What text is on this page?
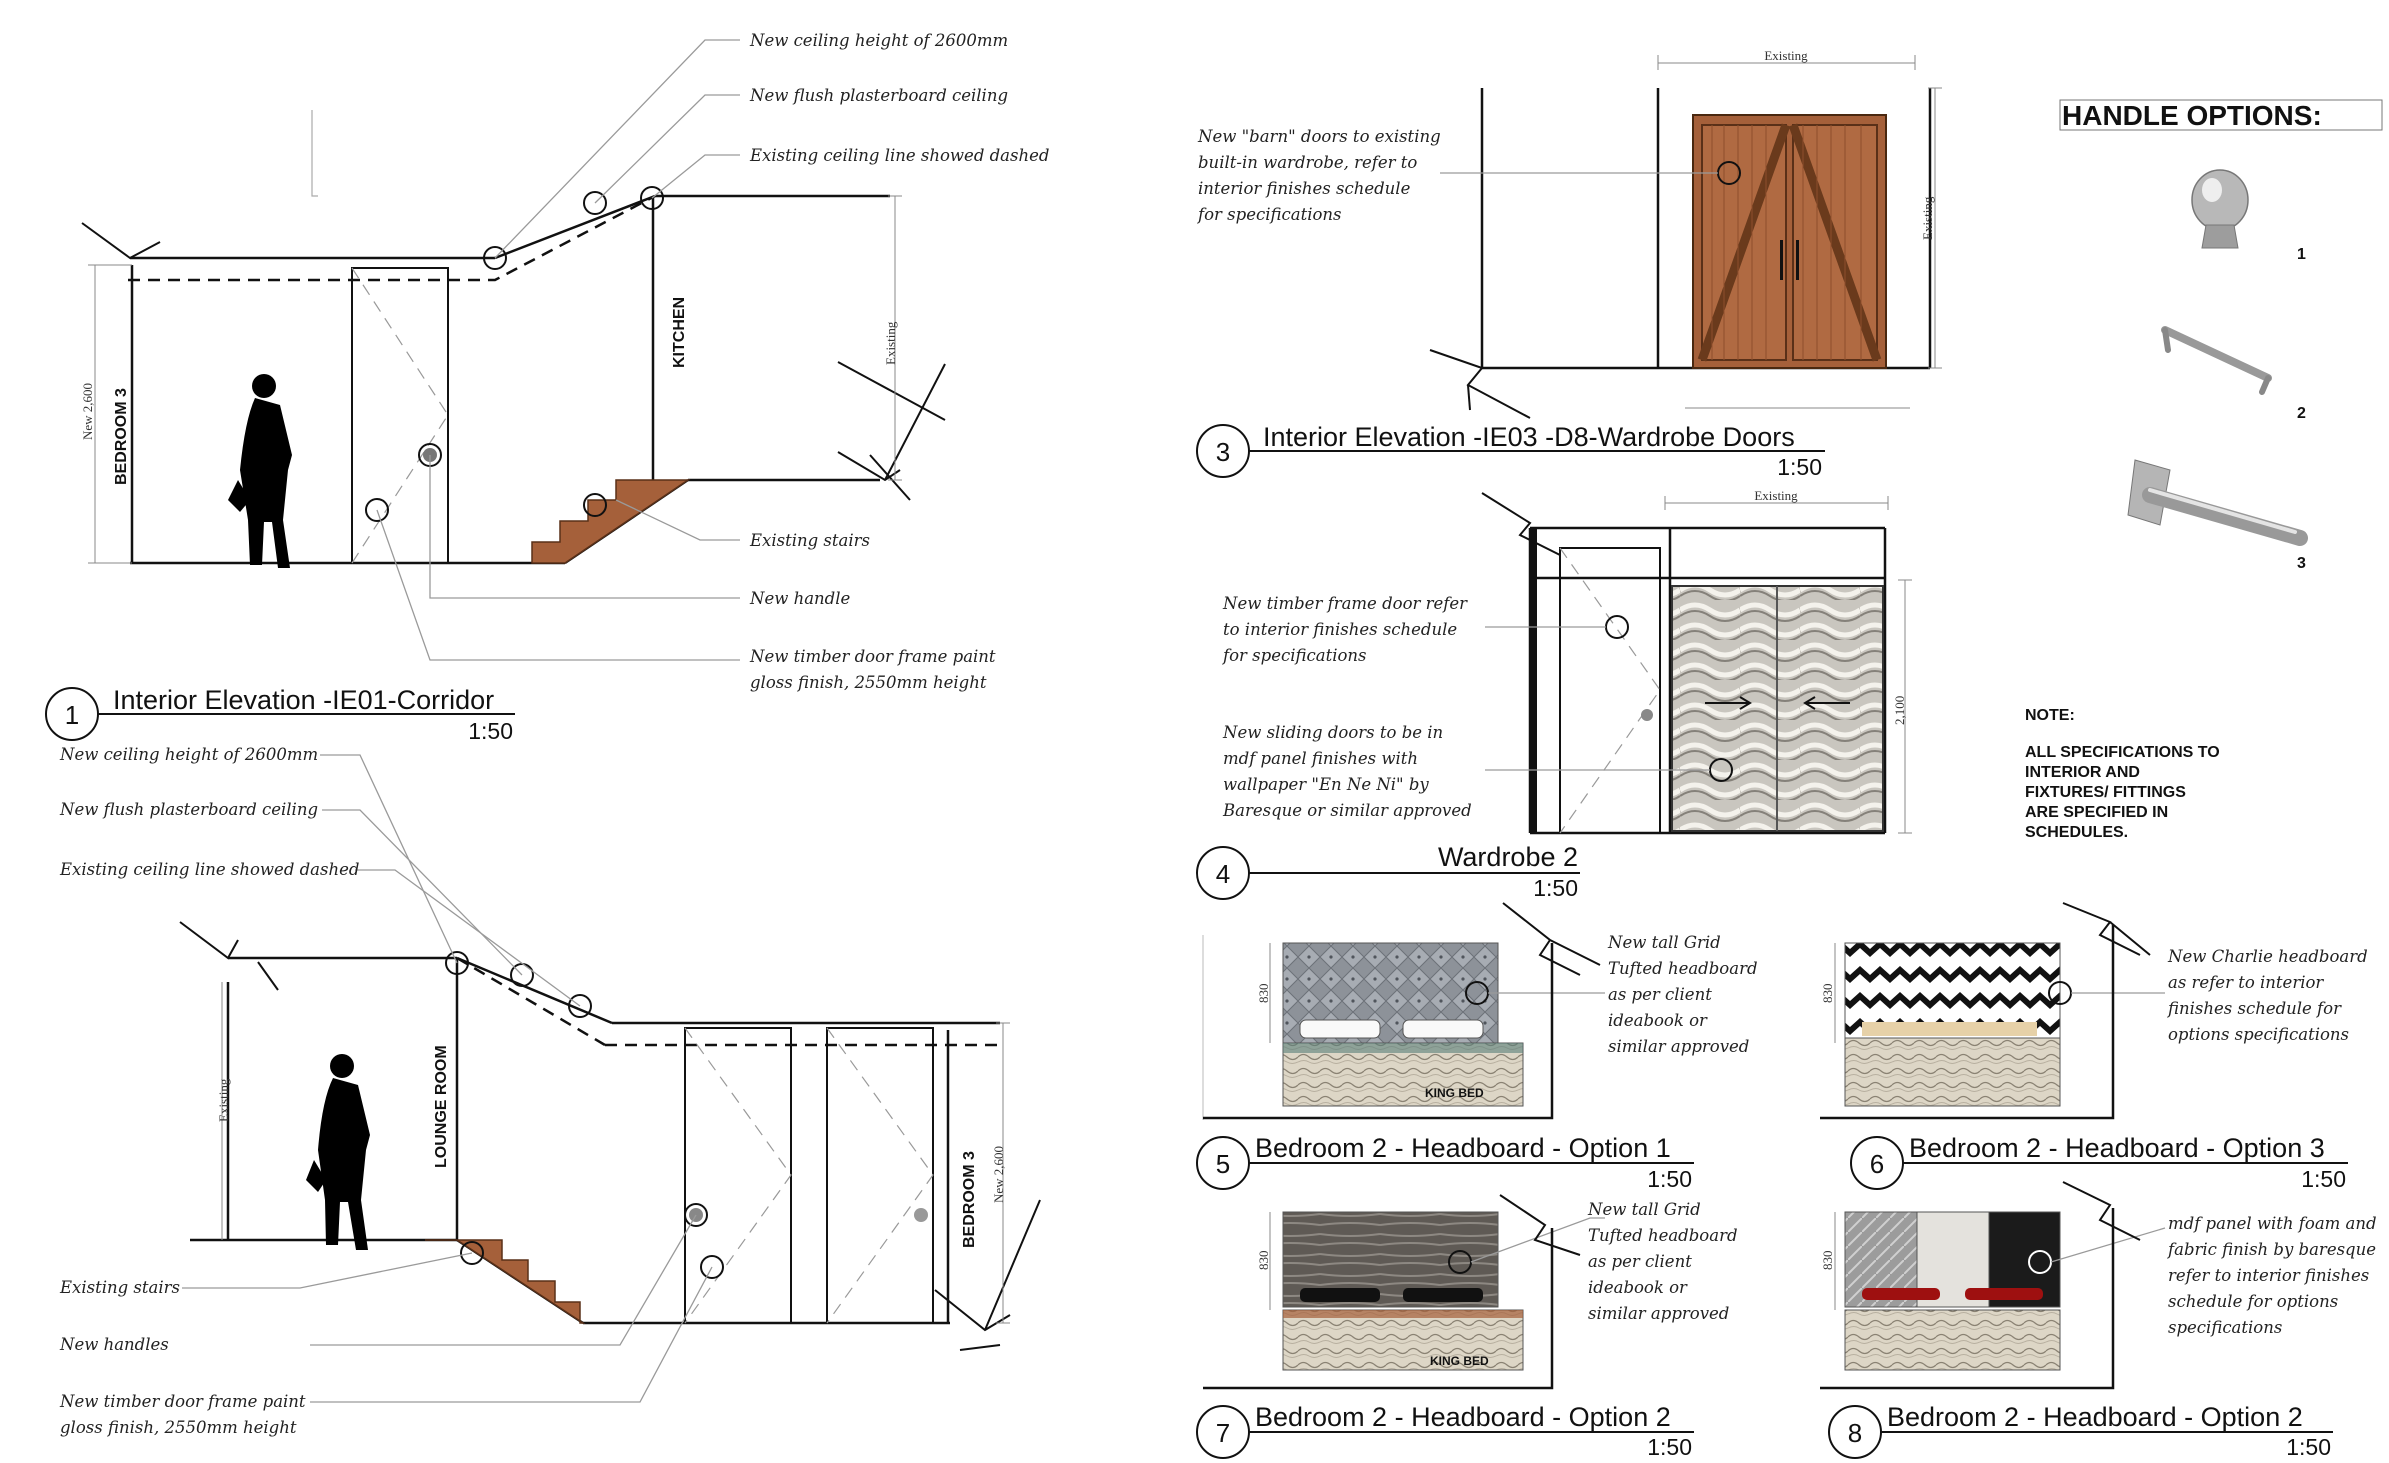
New ceiling height of 2600mm
New flush plasterboard ceiling
Existing ceiling line showed dashed
Existing stairs
New handle
New timber door frame paint
gloss finish, 2550mm height
BEDROOM 3
KITCHEN
New 2,600
Existing
1 Interior Elevation -IE01-Corridor
1:50
New ceiling height of 2600mm
New flush plasterboard ceiling
Existing ceiling line showed dashed
Existing stairs
New handles
New timber door frame paint
gloss finish, 2550mm height
LOUNGE ROOM
BEDROOM 3
Existing
New 2,600
Existing
Existing
New "barn" doors to existing
built-in wardrobe, refer to
interior finishes schedule
for specifications
3 Interior Elevation -IE03 -D8-Wardrobe Doors
1:50
Existing
2,100
New timber frame door refer
to interior finishes schedule
for specifications
New sliding doors to be in
mdf panel finishes with
wallpaper "En Ne Ni" by
Baresque or similar approved
4
Wardrobe 2
1:50
HANDLE OPTIONS:
1
2
3
NOTE:
ALL SPECIFICATIONS TO
INTERIOR AND
FIXTURES/ FITTINGS
ARE SPECIFIED IN
SCHEDULES.
KING BED
830
New tall Grid
Tufted headboard
as per client
ideabook or
similar approved
5
Bedroom 2 - Headboard - Option 1
1:50
830
New Charlie headboard
as refer to interior
finishes schedule for
options specifications
6
Bedroom 2 - Headboard - Option 3
1:50
KING BED
830
New tall Grid
Tufted headboard
as per client
ideabook or
similar approved
7
Bedroom 2 - Headboard - Option 2
1:50
830
mdf panel with foam and
fabric finish by baresque
refer to interior finishes
schedule for options
specifications
8
Bedroom 2 - Headboard - Option 2
1:50
